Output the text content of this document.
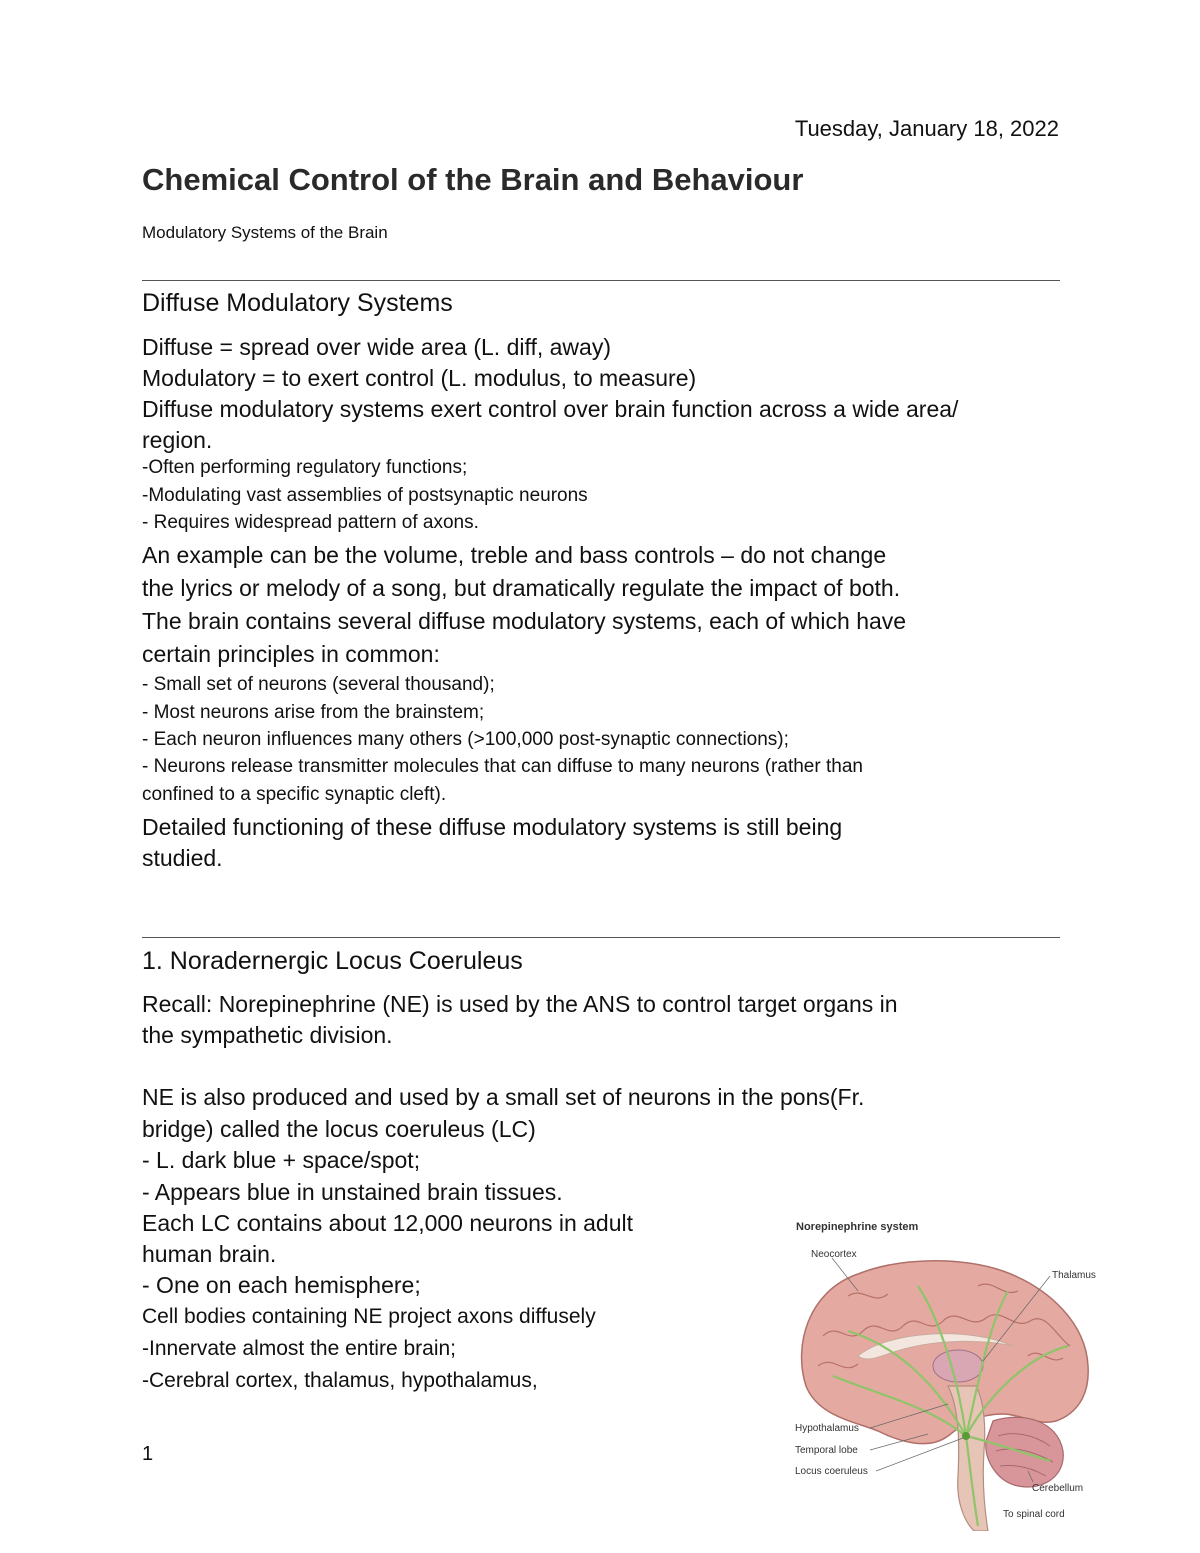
Tuesday, January 18, 2022
Chemical Control of the Brain and Behaviour
Modulatory Systems of the Brain
Diffuse Modulatory Systems
Diffuse = spread over wide area (L. diff, away)
Modulatory = to exert control (L. modulus, to measure)
Diffuse modulatory systems exert control over brain function across a wide area/
region.
-Often performing regulatory functions;
-Modulating vast assemblies of postsynaptic neurons
- Requires widespread pattern of axons.
An example can be the volume, treble and bass controls – do not change
the lyrics or melody of a song, but dramatically regulate the impact of both.
The brain contains several diffuse modulatory systems, each of which have
certain principles in common:
- Small set of neurons (several thousand);
- Most neurons arise from the brainstem;
- Each neuron influences many others (>100,000 post-synaptic connections);
- Neurons release transmitter molecules that can diffuse to many neurons (rather than
confined to a specific synaptic cleft).
Detailed functioning of these diffuse modulatory systems is still being
studied.
1. Noradernergic Locus Coeruleus
Recall: Norepinephrine (NE) is used by the ANS to control target organs in
the sympathetic division.
NE is also produced and used by a small set of neurons in the pons(Fr.
bridge) called the locus coeruleus (LC)
- L. dark blue + space/spot;
- Appears blue in unstained brain tissues.
Each LC contains about 12,000 neurons in adult
human brain.
- One on each hemisphere;
Cell bodies containing NE project axons diffusely
-Innervate almost the entire brain;
-Cerebral cortex, thalamus, hypothalamus,
1
Norepinephrine system
Neocortex
Thalamus
Hypothalamus
Temporal lobe
Locus coeruleus
Cerebellum
To spinal cord
